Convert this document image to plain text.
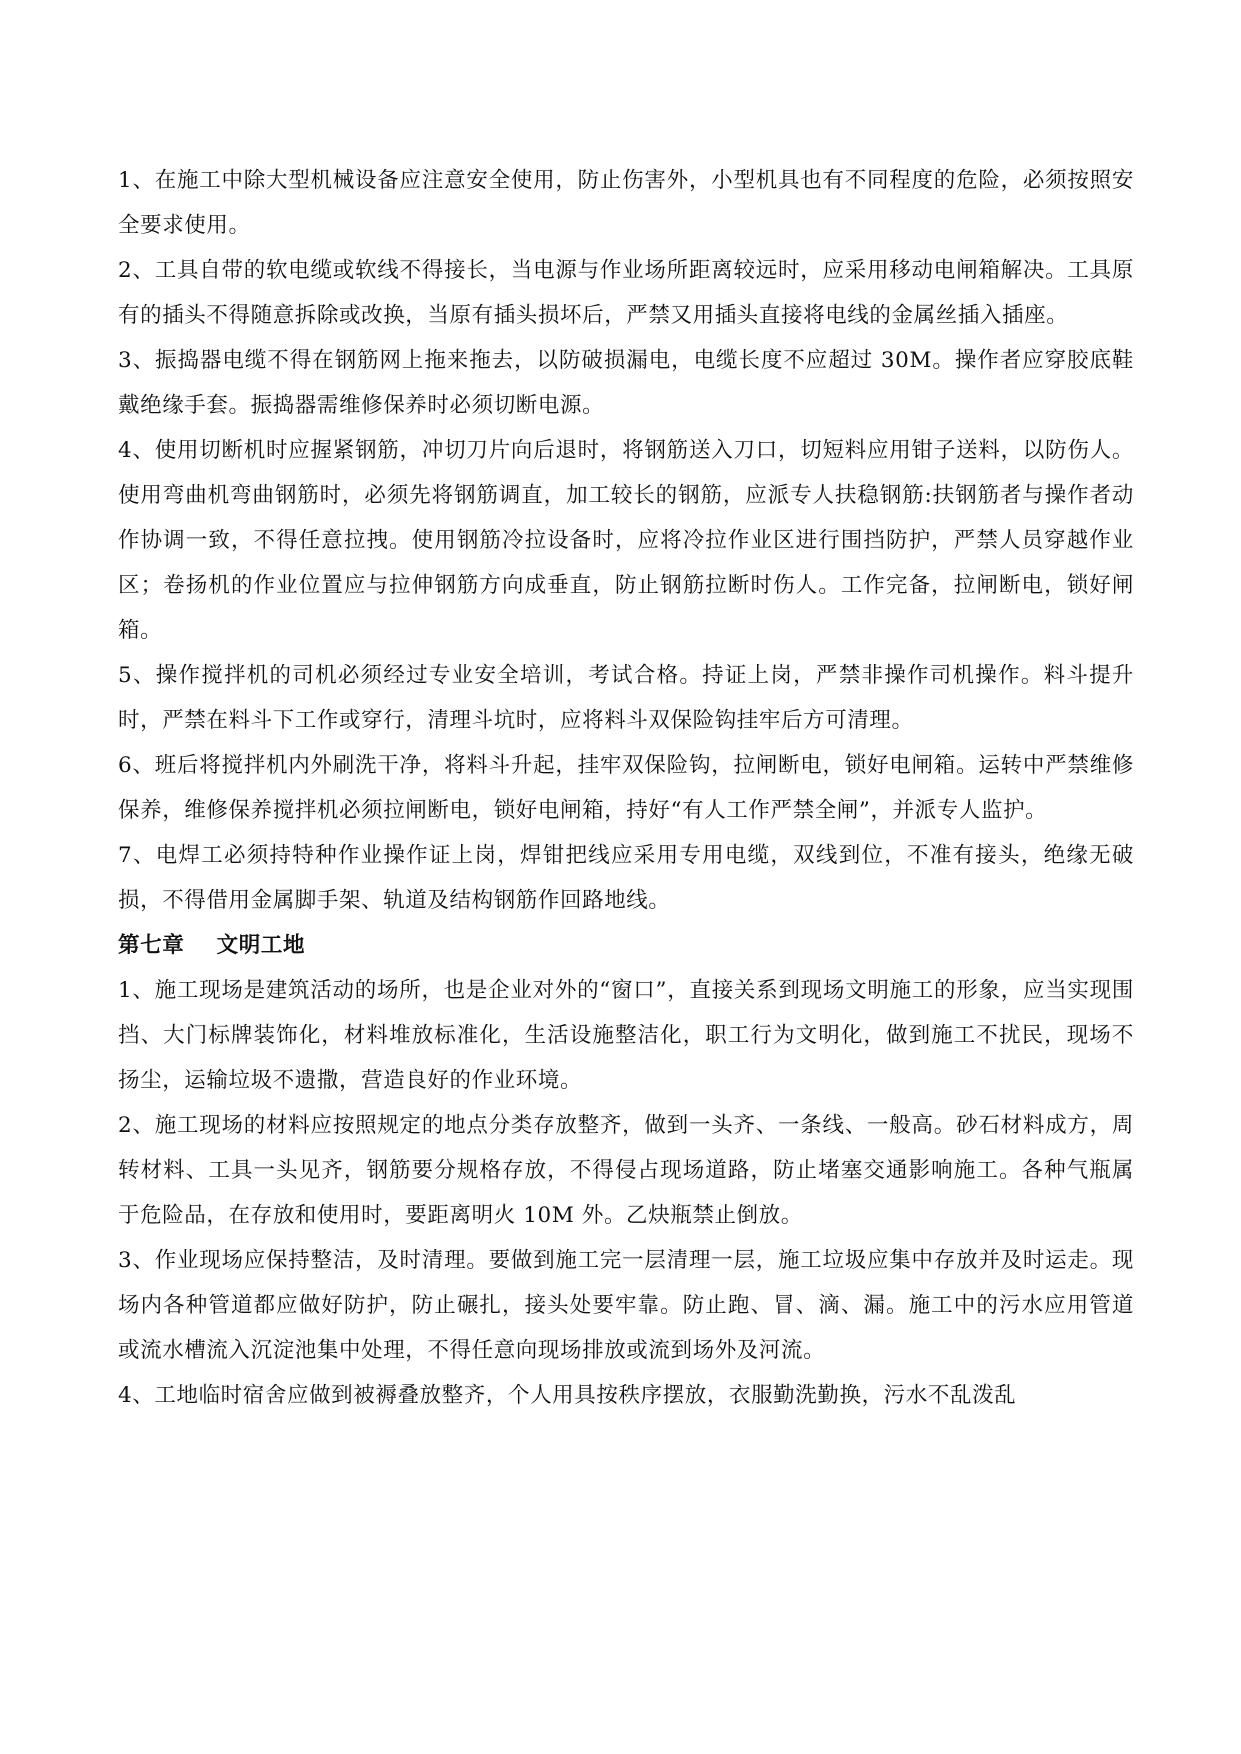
1、在施工中除大型机械设备应注意安全使用，防止伤害外，小型机具也有不同程度的危险，必须按照安全要求使用。

2、工具自带的软电缆或软线不得接长，当电源与作业场所距离较远时，应采用移动电闸箱解决。工具原有的插头不得随意拆除或改换，当原有插头损坏后，严禁又用插头直接将电线的金属丝插入插座。

3、振捣器电缆不得在钢筋网上拖来拖去，以防破损漏电，电缆长度不应超过 30M。操作者应穿胶底鞋戴绝缘手套。振捣器需维修保养时必须切断电源。

4、使用切断机时应握紧钢筋，冲切刀片向后退时，将钢筋送入刀口，切短料应用钳子送料，以防伤人。使用弯曲机弯曲钢筋时，必须先将钢筋调直，加工较长的钢筋，应派专人扶稳钢筋:扶钢筋者与操作者动作协调一致，不得任意拉拽。使用钢筋冷拉设备时，应将冷拉作业区进行围挡防护，严禁人员穿越作业区；卷扬机的作业位置应与拉伸钢筋方向成垂直，防止钢筋拉断时伤人。工作完备，拉闸断电，锁好闸箱。

5、操作搅拌机的司机必须经过专业安全培训，考试合格。持证上岗，严禁非操作司机操作。料斗提升时，严禁在料斗下工作或穿行，清理斗坑时，应将料斗双保险钩挂牢后方可清理。

6、班后将搅拌机内外刷洗干净，将料斗升起，挂牢双保险钩，拉闸断电，锁好电闸箱。运转中严禁维修保养，维修保养搅拌机必须拉闸断电，锁好电闸箱，持好“有人工作严禁全闸”，并派专人监护。

7、电焊工必须持特种作业操作证上岗，焊钳把线应采用专用电缆，双线到位，不准有接头，绝缘无破损，不得借用金属脚手架、轨道及结构钢筋作回路地线。

第七章    文明工地

1、施工现场是建筑活动的场所，也是企业对外的“窗口”，直接关系到现场文明施工的形象，应当实现围挡、大门标牌装饰化，材料堆放标准化，生活设施整洁化，职工行为文明化，做到施工不扰民，现场不扬尘，运输垃圾不遗撒，营造良好的作业环境。

2、施工现场的材料应按照规定的地点分类存放整齐，做到一头齐、一条线、一般高。砂石材料成方，周转材料、工具一头见齐，钢筋要分规格存放，不得侵占现场道路，防止堵塞交通影响施工。各种气瓶属于危险品，在存放和使用时，要距离明火 10M 外。乙炔瓶禁止倒放。

3、作业现场应保持整洁，及时清理。要做到施工完一层清理一层，施工垃圾应集中存放并及时运走。现场内各种管道都应做好防护，防止碾扎，接头处要牢靠。防止跑、冒、滴、漏。施工中的污水应用管道或流水槽流入沉淀池集中处理，不得任意向现场排放或流到场外及河流。

4、工地临时宿舍应做到被褥叠放整齐，个人用具按秩序摆放，衣服勤洗勤换，污水不乱泼乱
